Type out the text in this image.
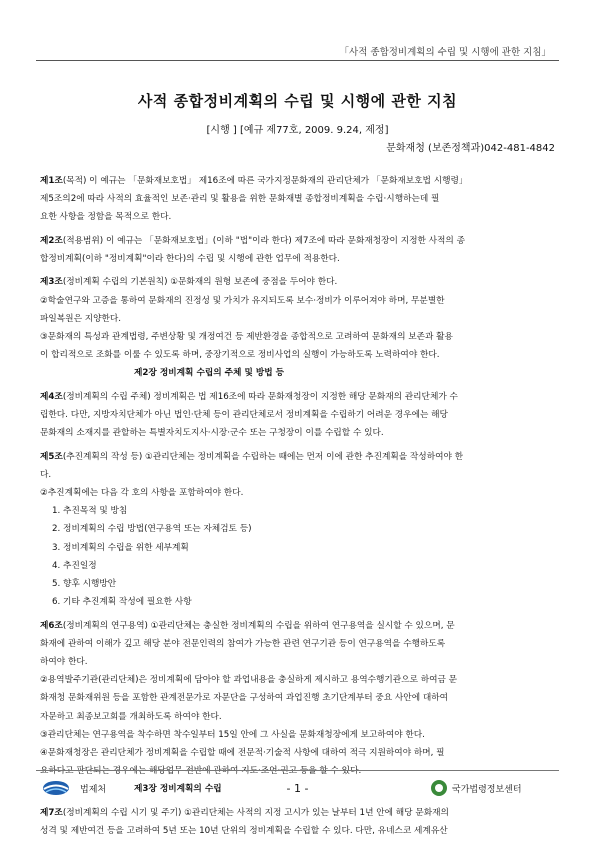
「사적 종합정비계획의 수립 및 시행에 관한 지침」
사적 종합정비계획의 수립 및 시행에 관한 지침
[시행 ] [예규 제77호, 2009. 9.24, 제정]
문화재청 (보존정책과)042-481-4842

제1조(목적) 이 예규는 「문화재보호법」 제16조에 따른 국가지정문화재의 관리단체가 「문화재보호법 시행령」

제5조의2에 따라 사적의 효율적인 보존·관리 및 활용을 위한 문화재별 종합정비계획을 수립·시행하는데 필

요한 사항을 정함을 목적으로 한다.

제2조(적용범위) 이 예규는 「문화재보호법」(이하 "법"이라 한다) 제7조에 따라 문화재청장이 지정한 사적의 종

합정비계획(이하 "정비계획"이라 한다)의 수립 및 시행에 관한 업무에 적용한다.

제3조(정비계획 수립의 기본원칙) ①문화재의 원형 보존에 중점을 두어야 한다.

②학술연구와 고증을 통하여 문화재의 진정성 및 가치가 유지되도록 보수·정비가 이루어져야 하며, 무분별한

파일복원은 지양한다.

③문화재의 특성과 관계법령, 주변상황 및 개정여건 등 제반환경을 종합적으로 고려하여 문화재의 보존과 활용

이 합리적으로 조화를 이룰 수 있도록 하며, 중장기적으로 정비사업의 실행이 가능하도록 노력하여야 한다.

제2장 정비계획 수립의 주체 및 방법 등

제4조(정비계획의 수립 주체) 정비계획은 법 제16조에 따라 문화재청장이 지정한 해당 문화재의 관리단체가 수

립한다. 다만, 지방자치단체가 아닌 법인·단체 등이 관리단체로서 정비계획을 수립하기 어려운 경우에는 해당

문화재의 소재지를 관할하는 특별자치도지사·시장·군수 또는 구청장이 이를 수립할 수 있다.

제5조(추진계획의 작성 등) ①관리단체는 정비계획을 수립하는 때에는 먼저 이에 관한 추진계획을 작성하여야 한

다.

②추진계획에는 다음 각 호의 사항을 포함하여야 한다.

1. 추진목적 및 방침

2. 정비계획의 수립 방법(연구용역 또는 자체검토 등)

3. 정비계획의 수립을 위한 세부계획

4. 추진일정

5. 향후 시행방안

6. 기타 추진계획 작성에 필요한 사항

제6조(정비계획의 연구용역) ①관리단체는 충실한 정비계획의 수립을 위하여 연구용역을 실시할 수 있으며, 문

화재에 관하여 이해가 깊고 해당 분야 전문인력의 참여가 가능한 관련 연구기관 등이 연구용역을 수행하도록

하여야 한다.

②용역발주기관(관리단체)은 정비계획에 담아야 할 과업내용을 충실하게 제시하고 용역수행기관으로 하여금 문

화재청 문화재위원 등을 포함한 관계전문가로 자문단을 구성하여 과업진행 초기단계부터 중요 사안에 대하여

자문하고 최종보고회를 개최하도록 하여야 한다.

③관리단체는 연구용역을 착수하면 착수일부터 15일 안에 그 사실을 문화재청장에게 보고하여야 한다.

④문화재청장은 관리단체가 정비계획을 수립할 때에 전문적·기술적 사항에 대하여 적극 지원하여야 하며, 필

요하다고 판단되는 경우에는 해당업무 전반에 관하여 지도·조언·권고 등을 할 수 있다.

제3장 정비계획의 수립

제7조(정비계획의 수립 시기 및 주기) ①관리단체는 사적의 지정 고시가 있는 날부터 1년 안에 해당 문화재의

성격 및 제반여건 등을 고려하여 5년 또는 10년 단위의 정비계획을 수립할 수 있다. 다만, 유네스코 세계유산

법제처	- 1 -	국가법령정보센터
